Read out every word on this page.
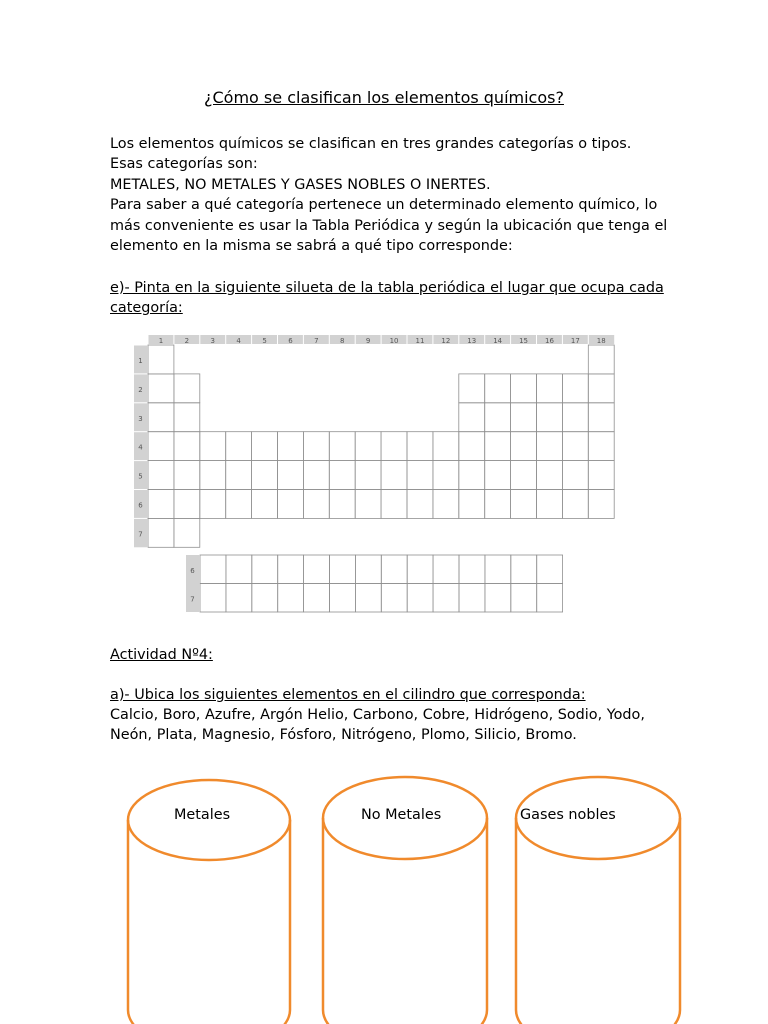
¿Cómo se clasifican los elementos químicos?
Los elementos químicos se clasifican en tres grandes categorías o tipos.
Esas categorías son:
METALES, NO METALES Y GASES NOBLES O INERTES.
Para saber a qué categoría pertenece un determinado elemento químico, lo
más conveniente es usar la Tabla Periódica y según la ubicación que tenga el
elemento en la misma se sabrá a qué tipo corresponde:
e)- Pinta en la siguiente silueta de la tabla periódica el lugar que ocupa cada
categoría:
1	2	3	4	5	6	7	8	9	10 11 12 13 14 15 16 17 18
1
2
3
4
5
6
7
6
7
Actividad Nº4:
a)- Ubica los siguientes elementos en el cilindro que corresponda:
Calcio, Boro, Azufre, Argón Helio, Carbono, Cobre, Hidrógeno, Sodio, Yodo,
Neón, Plata, Magnesio, Fósforo, Nitrógeno, Plomo, Silicio, Bromo.
Metales	No Metales	Gases nobles
